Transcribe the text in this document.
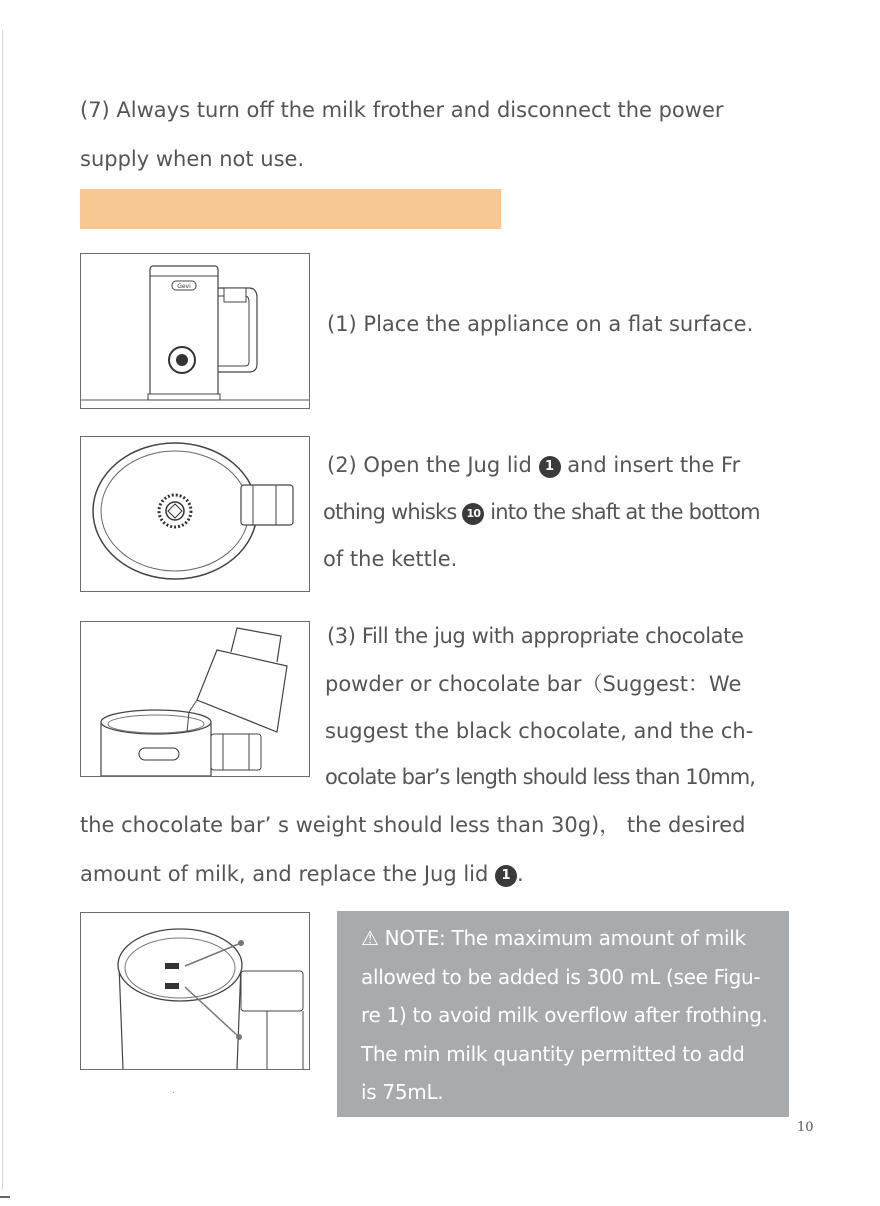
(7) Always turn off the milk frother and disconnect the power
supply when not use.
Gevi
(1) Place the appliance on a flat surface.
(2) Open the Jug lid 1 and insert the Fr
othing whisks 10 into the shaft at the bottom
of the kettle.
(3) Fill the jug with appropriate chocolate
powder or chocolate bar（Suggest：We
suggest the black chocolate, and the ch-
ocolate bar’s length should less than 10mm,
the chocolate bar’ s weight should less than 30g)， the desired
amount of milk, and replace the Jug lid 1 .
⚠ NOTE: The maximum amount of milk
allowed to be added is 300 mL (see Figu-
re 1) to avoid milk overflow after frothing.
The min milk quantity permitted to add
is 75mL.
10
